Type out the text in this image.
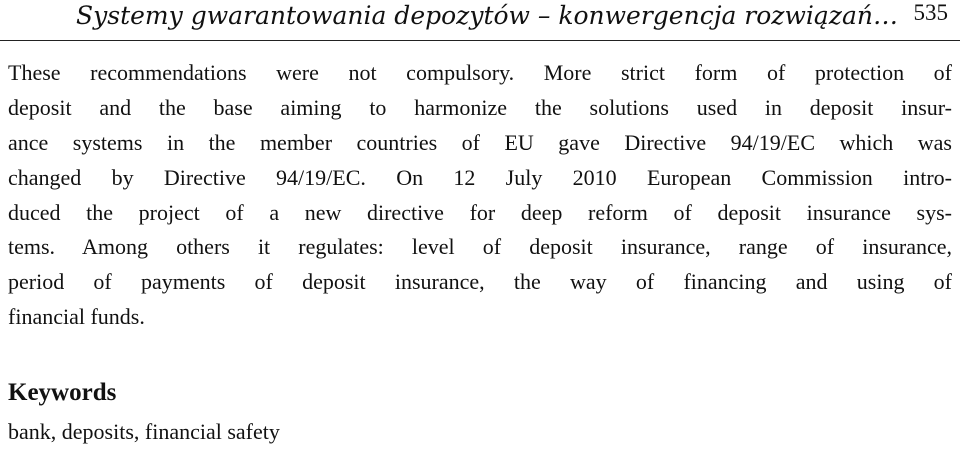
Systemy gwarantowania depozytów – konwergencja rozwiązań… 535
These recommendations were not compulsory. More strict form of protection of
deposit and the base aiming to harmonize the solutions used in deposit insur-
ance systems in the member countries of EU gave Directive 94/19/EC which was
changed by Directive 94/19/EC. On 12 July 2010 European Commission intro-
duced the project of a new directive for deep reform of deposit insurance sys-
tems. Among others it regulates: level of deposit insurance, range of insurance,
period of payments of deposit insurance, the way of financing and using of
financial funds.
Keywords
bank, deposits, financial safety
